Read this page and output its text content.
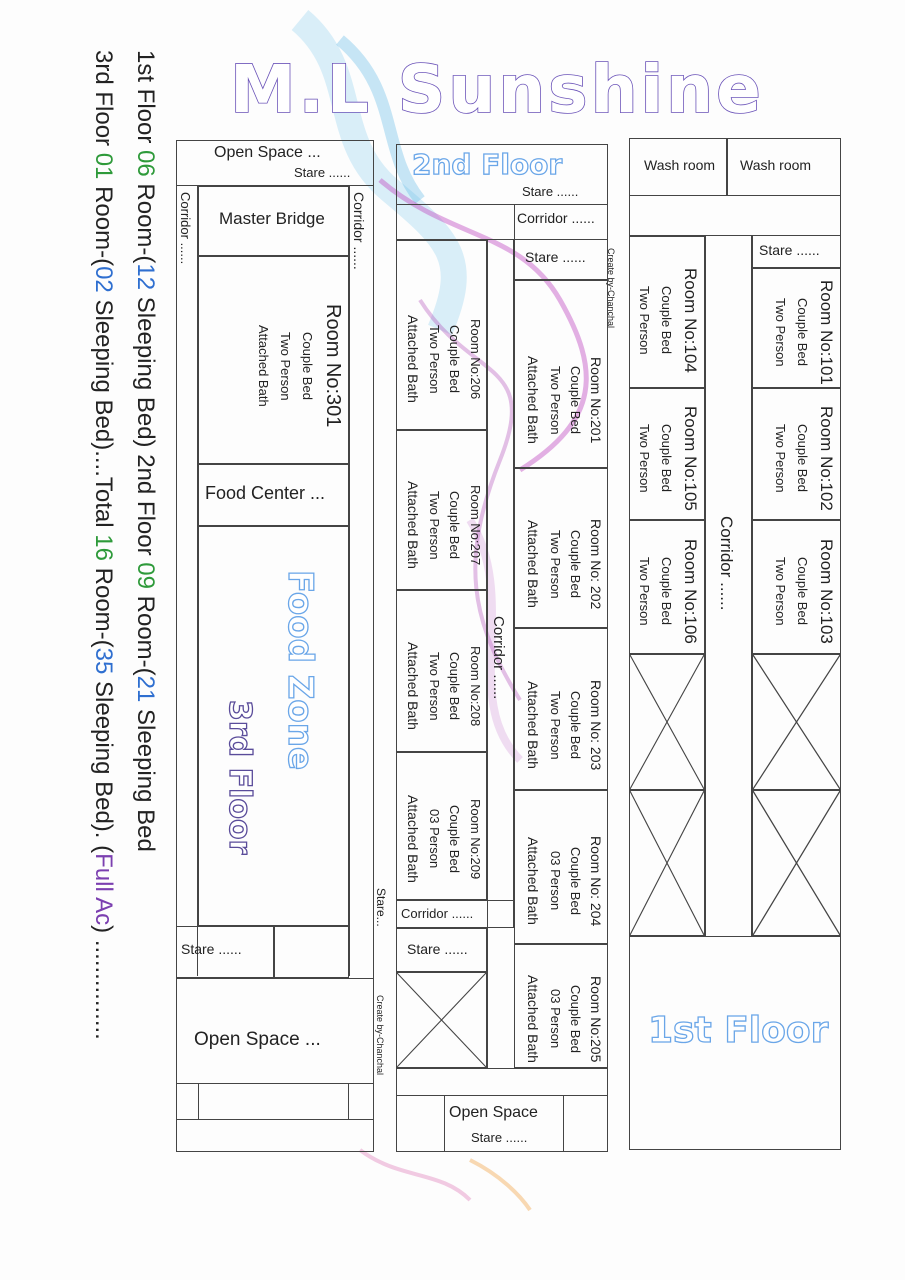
M.L Sunshine
Open Space ...
Stare ......
Corridor ......	Corridor ......
Master Bridge
Room No:301
Couple Bed
Two Person
Attached Bath
Food Center ...
Food Zone
3rd Floor
Stare ......
Open Space ...	Create by-Chanchal
Create by-Chanchal
Stare...
2nd Floor
Stare ......
Corridor ......
Stare ......
Corridor ......
Room No:201
Couple Bed
Two Person
Attached Bath
Room No: 202
Couple Bed
Two Person
Attached Bath
Room No: 203
Couple Bed
Two Person
Attached Bath
Room No: 204
Couple Bed
03 Person
Attached Bath
Room No:205
Couple Bed
03 Person
Attached Bath
Room No:206
Couple Bed
Two Person
Attached Bath
Room No:207
Couple Bed
Two Person
Attached Bath
Room No:208
Couple Bed
Two Person
Attached Bath
Room No:209
Couple Bed
03 Person
Attached Bath
Corridor ......
Stare ......
Open Space
Stare ......
Wash room Wash room
Stare ......
Corridor ......
Room No:101
Couple Bed
Two Person
Room No:102
Couple Bed
Two Person
Room No:103
Couple Bed
Two Person
Room No:104
Couple Bed
Two Person
Room No:105
Couple Bed
Two Person
Room No:106
Couple Bed
Two Person
1st Floor
1st Floor 06 Room-(12 Sleeping Bed) 2nd Floor 09 Room-(21 Sleeping Bed
3rd Floor 01 Room-(02 Sleeping Bed)....Total 16 Room-(35 Sleeping Bed). (Full Ac) ...............
